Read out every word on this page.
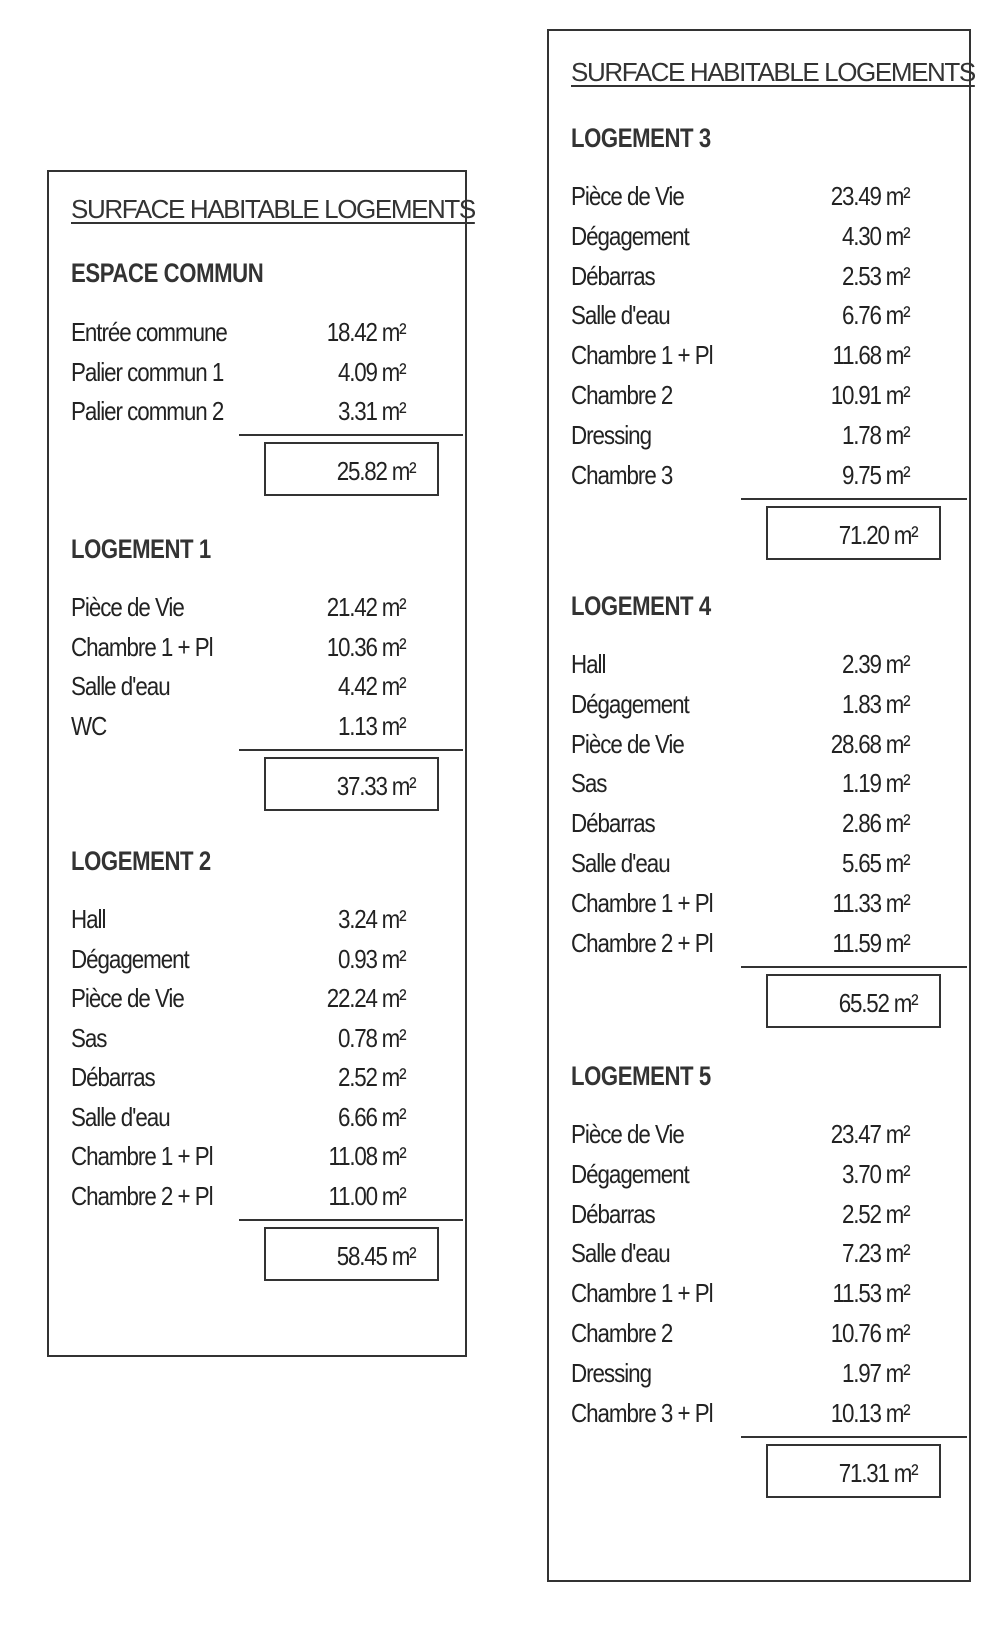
SURFACE HABITABLE LOGEMENTS
ESPACE COMMUN
Entrée commune	18.42 m²
Palier commun 1	4.09 m²
Palier commun 2	3.31 m²
25.82 m²
LOGEMENT 1
Pièce de Vie	21.42 m²
Chambre 1 + Pl	10.36 m²
Salle d'eau	4.42 m²
WC	1.13 m²
37.33 m²
LOGEMENT 2
Hall	3.24 m²
Dégagement	0.93 m²
Pièce de Vie	22.24 m²
Sas	0.78 m²
Débarras	2.52 m²
Salle d'eau	6.66 m²
Chambre 1 + Pl	11.08 m²
Chambre 2 + Pl	11.00 m²
58.45 m²
SURFACE HABITABLE LOGEMENTS
LOGEMENT 3
Pièce de Vie	23.49 m²
Dégagement	4.30 m²
Débarras	2.53 m²
Salle d'eau	6.76 m²
Chambre 1 + Pl	11.68 m²
Chambre 2	10.91 m²
Dressing	1.78 m²
Chambre 3	9.75 m²
71.20 m²
LOGEMENT 4
Hall	2.39 m²
Dégagement	1.83 m²
Pièce de Vie	28.68 m²
Sas	1.19 m²
Débarras	2.86 m²
Salle d'eau	5.65 m²
Chambre 1 + Pl	11.33 m²
Chambre 2 + Pl	11.59 m²
65.52 m²
LOGEMENT 5
Pièce de Vie	23.47 m²
Dégagement	3.70 m²
Débarras	2.52 m²
Salle d'eau	7.23 m²
Chambre 1 + Pl	11.53 m²
Chambre 2	10.76 m²
Dressing	1.97 m²
Chambre 3 + Pl	10.13 m²
71.31 m²
